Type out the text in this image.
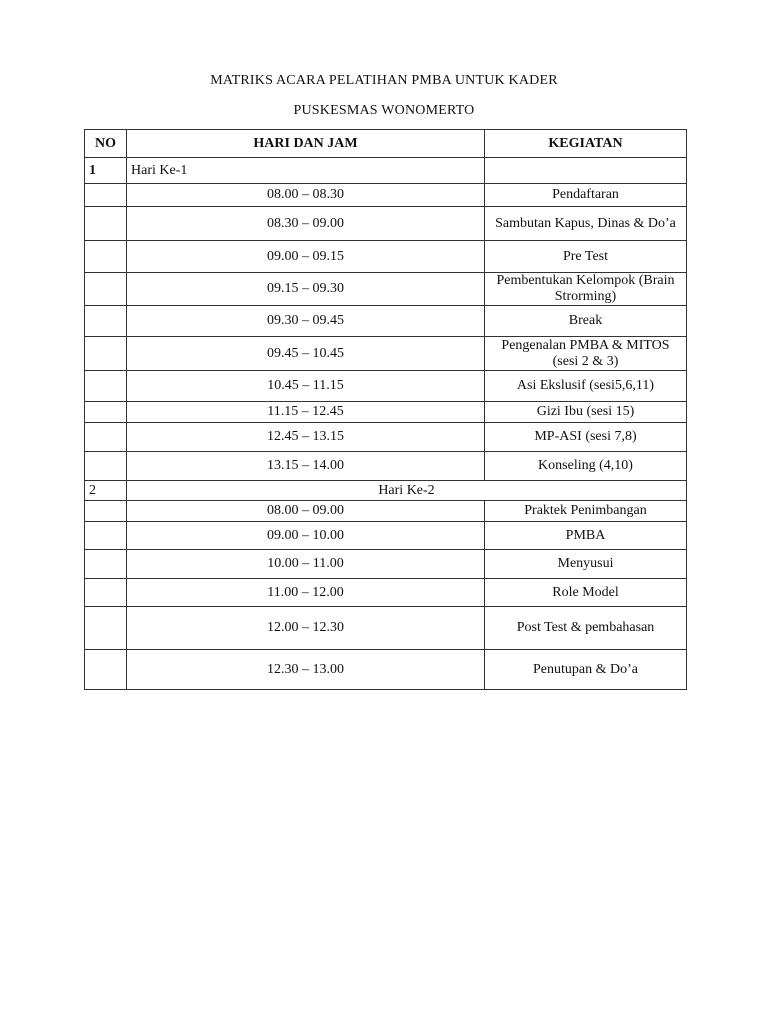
MATRIKS ACARA PELATIHAN PMBA UNTUK KADER
PUSKESMAS WONOMERTO
NO	HARI DAN JAM	KEGIATAN
1	Hari Ke-1	
	08.00 – 08.30	Pendaftaran
	08.30 – 09.00	Sambutan Kapus, Dinas & Do’a
	09.00 – 09.15	Pre Test
	09.15 – 09.30	Pembentukan Kelompok (Brain Strorming)
	09.30 – 09.45	Break
	09.45 – 10.45	Pengenalan PMBA & MITOS (sesi 2 & 3)
	10.45 – 11.15	Asi Ekslusif (sesi5,6,11)
	11.15 – 12.45	Gizi Ibu (sesi 15)
	12.45 – 13.15	MP-ASI (sesi 7,8)
	13.15 – 14.00	Konseling (4,10)
2	Hari Ke-2	
	08.00 – 09.00	Praktek Penimbangan
	09.00 – 10.00	PMBA
	10.00 – 11.00	Menyusui
	11.00 – 12.00	Role Model
	12.00 – 12.30	Post Test & pembahasan
	12.30 – 13.00	Penutupan & Do’a
